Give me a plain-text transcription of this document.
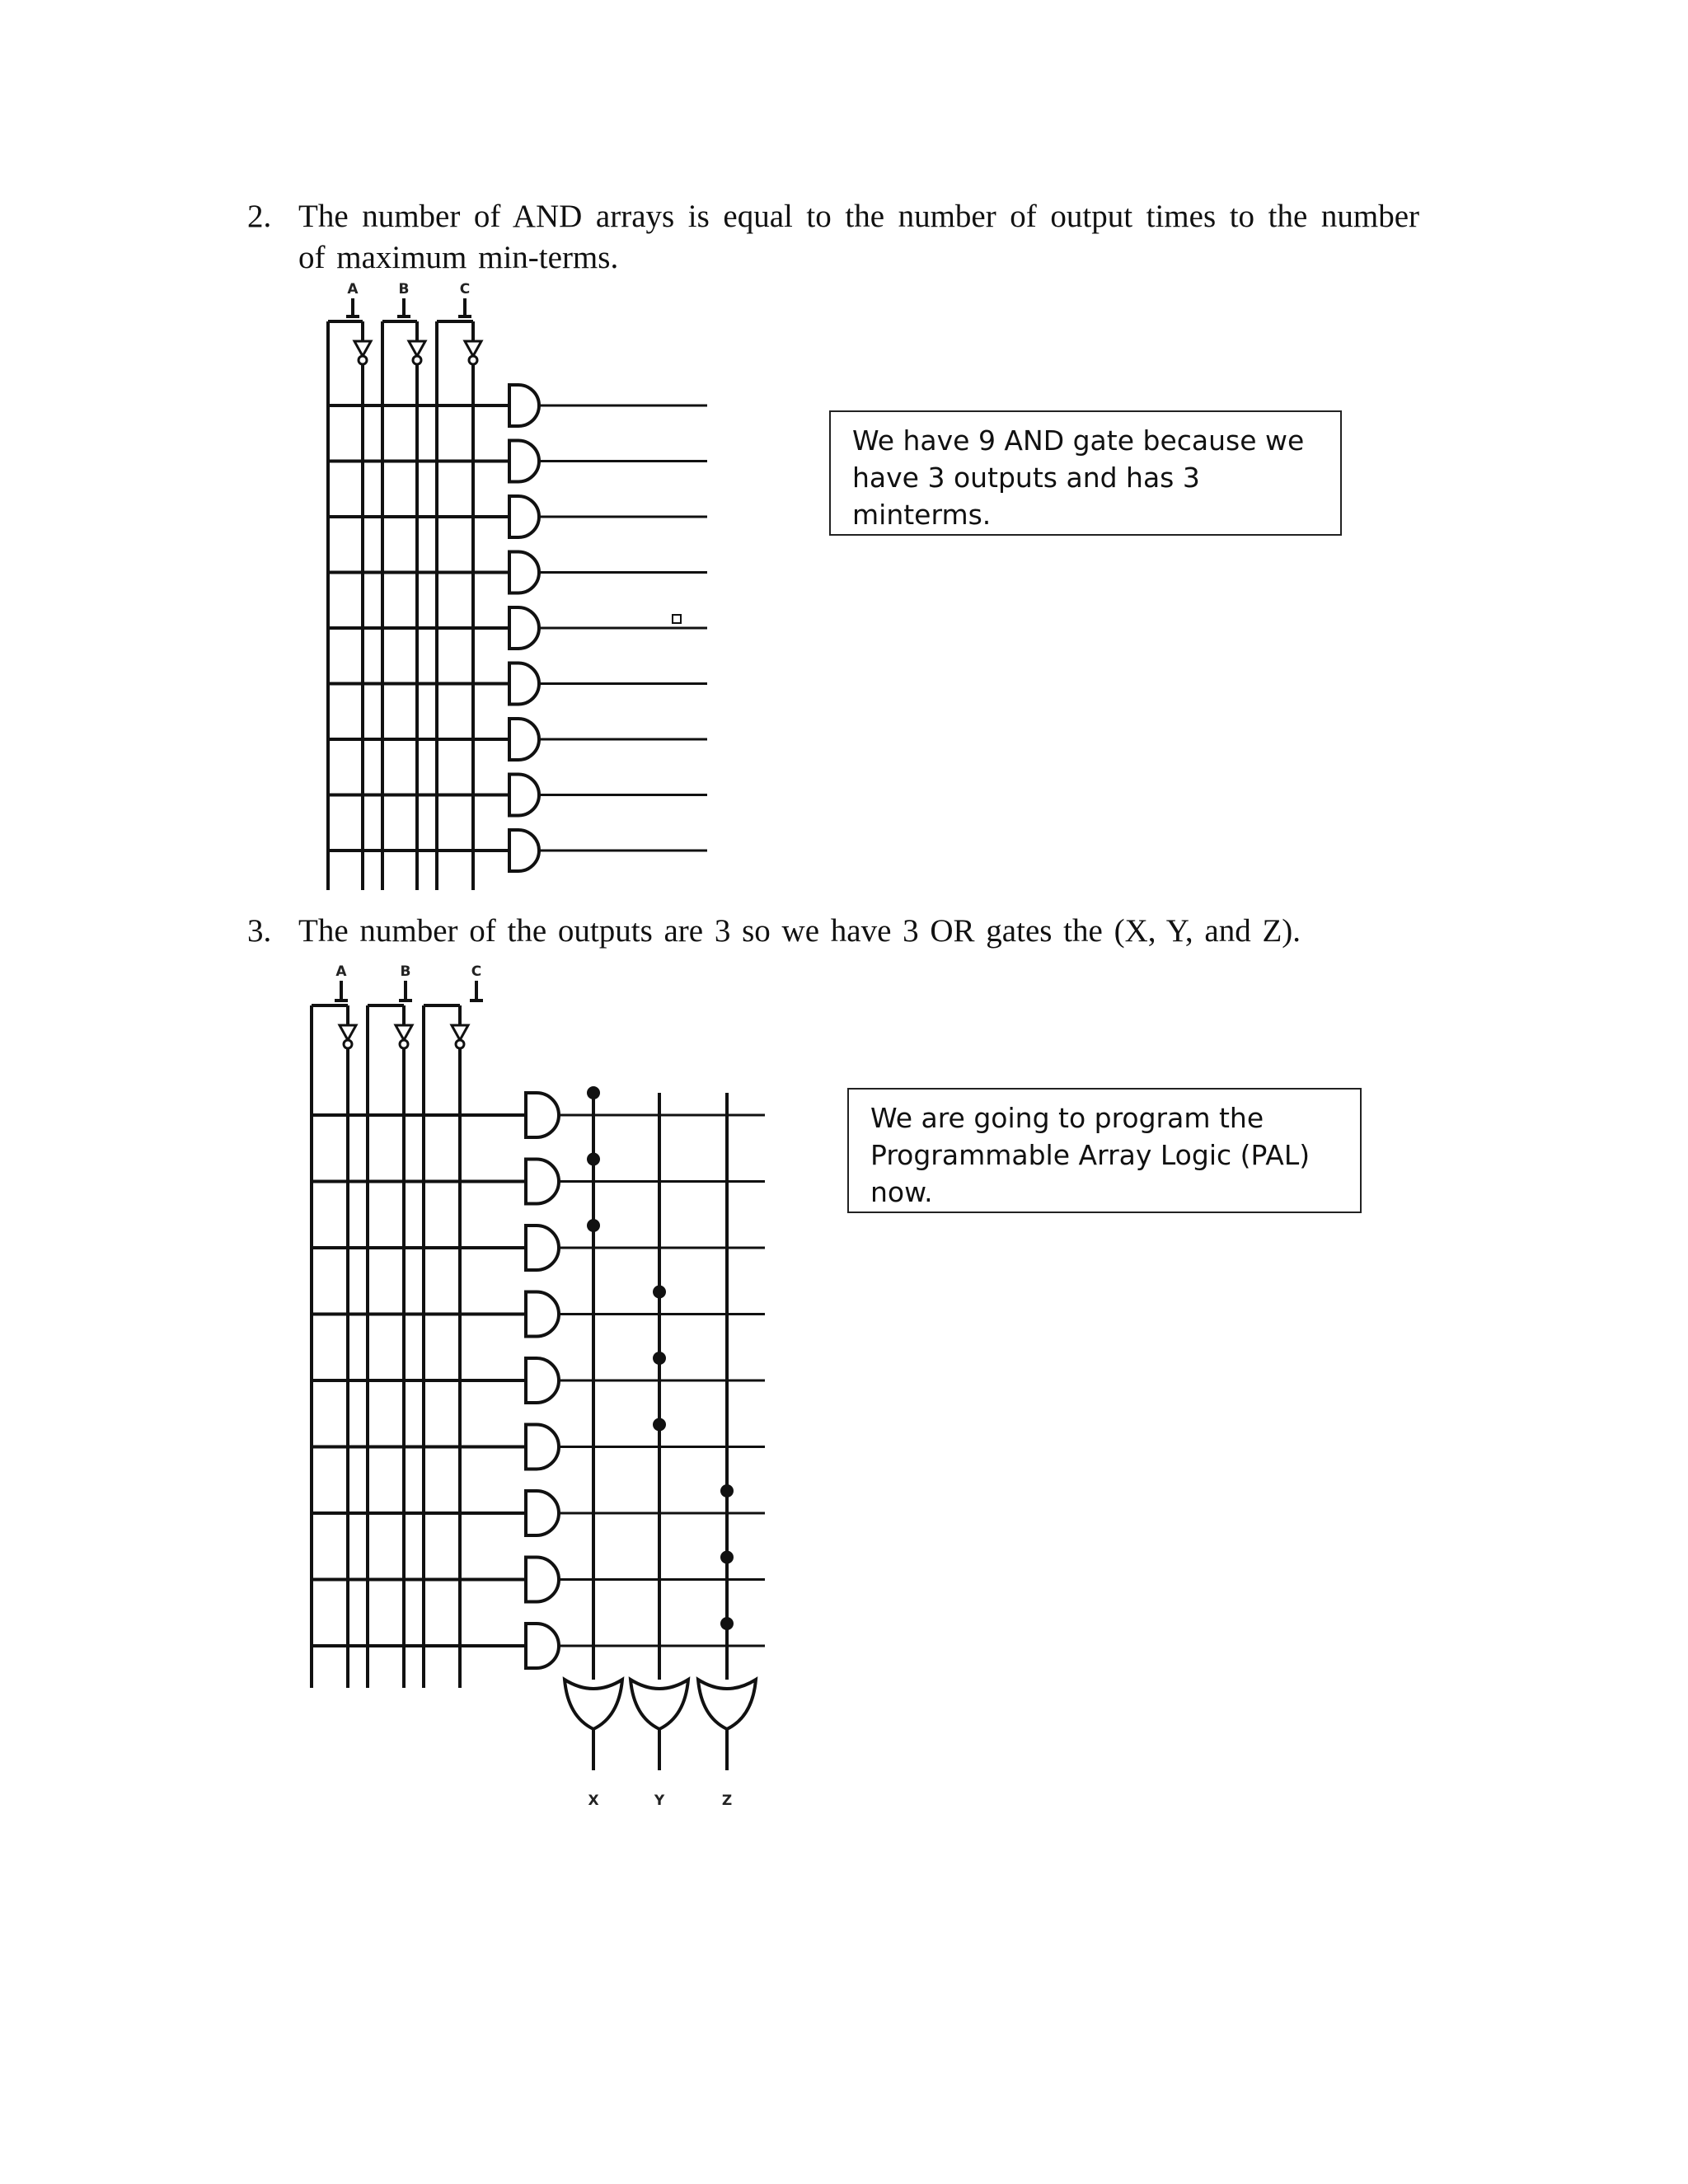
2. The number of AND arrays is equal to the number of output times to the number of maximum min-terms.
A	B	C
We have 9 AND gate because we
have 3 outputs and has 3 minterms.
3. The number of the outputs are 3 so we have 3 OR gates the (X, Y, and Z).
A	B	C
X	Y	Z
We are going to program the
Programmable Array Logic (PAL) now.
